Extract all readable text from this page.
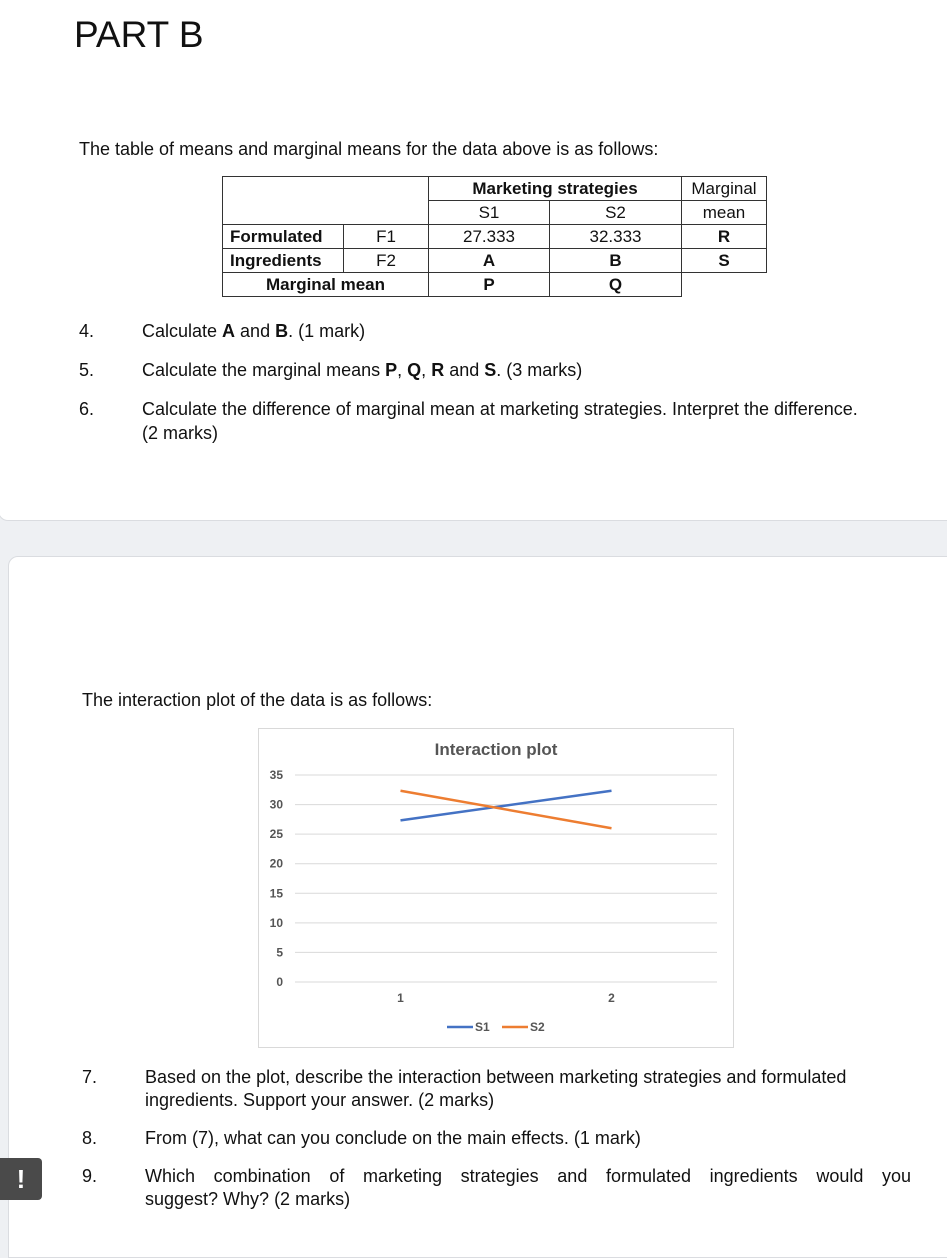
PART B

The table of means and marginal means for the data above is as follows:

		Marketing strategies		Marginal
		S1	S2	mean
Formulated	F1	27.333	32.333	R
Ingredients	F2	A	B	S
Marginal mean		P	Q	
4.	Calculate A and B. (1 mark)
5.	Calculate the marginal means P, Q, R and S. (3 marks)
6.	Calculate the difference of marginal mean at marketing strategies. Interpret the difference.
(2 marks)

The interaction plot of the data is as follows:

Interaction plot
0
5
10
15
20
25
30
35
1	2
S1	S2
7.	Based on the plot, describe the interaction between marketing strategies and formulated
ingredients. Support your answer. (2 marks)
8.	From (7), what can you conclude on the main effects. (1 mark)
9.	Which combination of marketing strategies and formulated ingredients would you
suggest? Why? (2 marks)
!
